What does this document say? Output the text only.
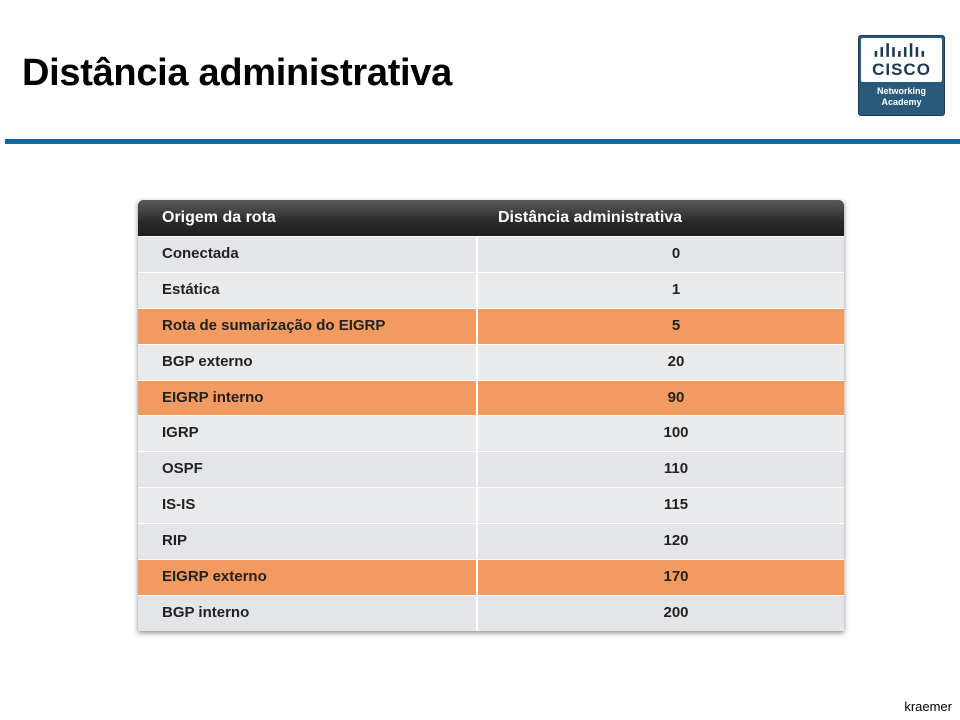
Distância administrativa	CISCO
Networking
Academy
Origem da rota	Distância administrativa
Conectada	0
Estática	1
Rota de sumarização do EIGRP	5
BGP externo	20
EIGRP interno	90
IGRP	100
OSPF	110
IS-IS	115
RIP	120
EIGRP externo	170
BGP interno	200
kraemer
